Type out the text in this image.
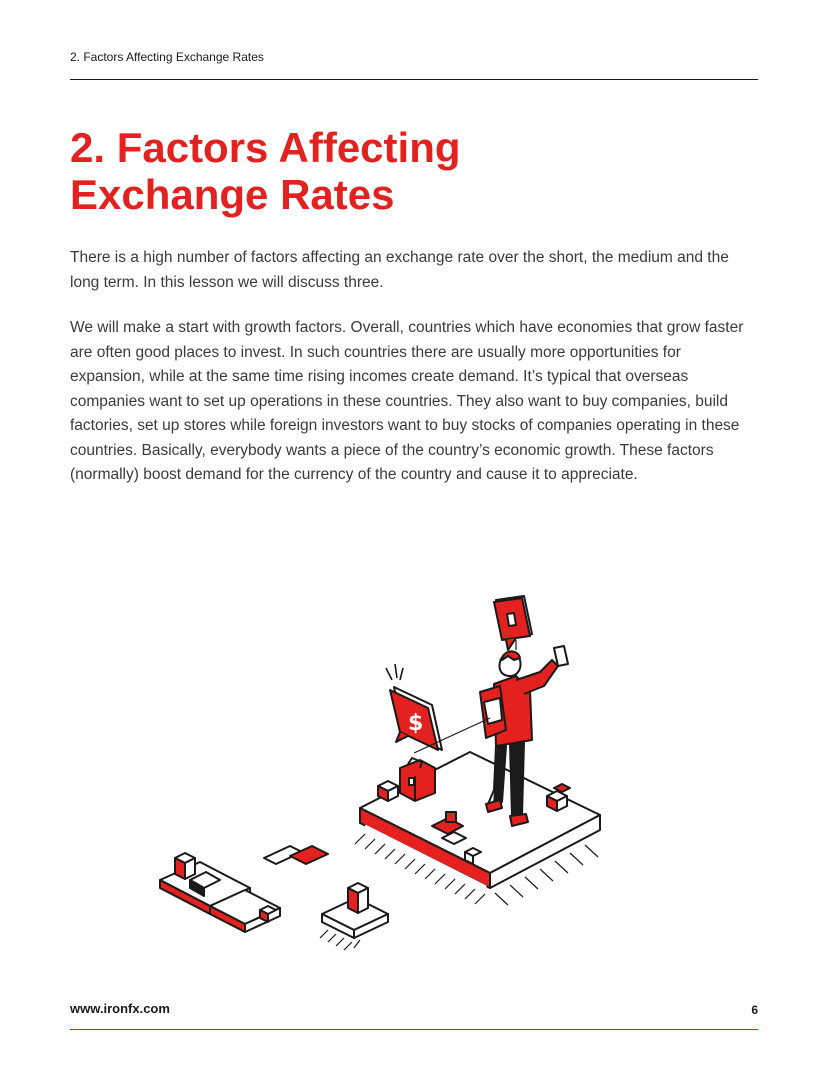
2. Factors Affecting Exchange Rates
2. Factors Affecting Exchange Rates

There is a high number of factors affecting an exchange rate over the short, the medium and the long term. In this lesson we will discuss three.

We will make a start with growth factors. Overall, countries which have economies that grow faster are often good places to invest. In such countries there are usually more opportunities for expansion, while at the same time rising incomes create demand. It’s typical that overseas companies want to set up operations in these countries. They also want to buy companies, build factories, set up stores while foreign investors want to buy stocks of companies operating in these countries. Basically, everybody wants a piece of the country’s economic growth. These factors (normally) boost demand for the currency of the country and cause it to appreciate.

$
www.ironfx.com	6
